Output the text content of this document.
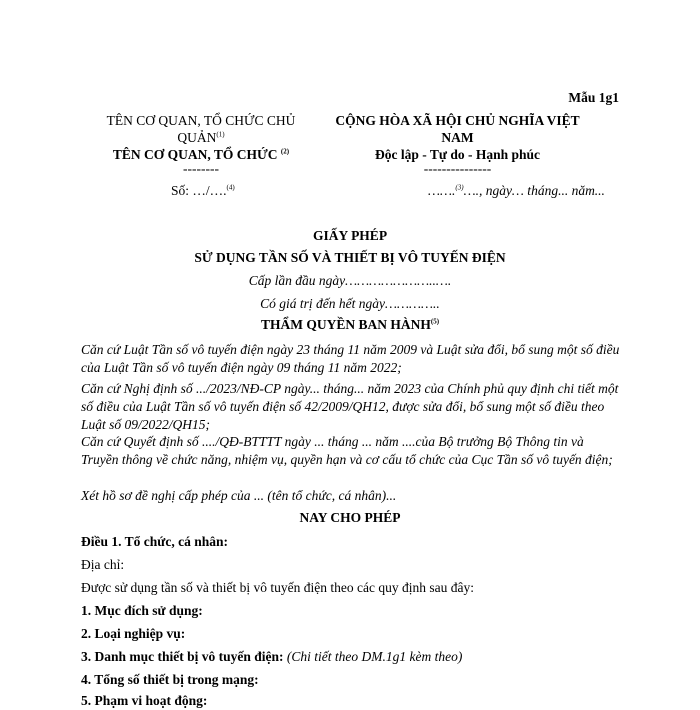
Mẫu 1g1
TÊN CƠ QUAN, TỔ CHỨC CHỦ QUẢN$^{(1)}$
TÊN CƠ QUAN, TỔ CHỨC $^{(2)}$
--------
Số: …/….$^{(4)}$
CỘNG HÒA XÃ HỘI CHỦ NGHĨA VIỆT NAM
Độc lập - Tự do - Hạnh phúc
---------------
…….$^{(3)}$…., ngày… tháng... năm...
GIẤY PHÉP
SỬ DỤNG TẦN SỐ VÀ THIẾT BỊ VÔ TUYẾN ĐIỆN
Cấp lần đầu ngày…………………..….
Có giá trị đến hết ngày…………..
THẨM QUYỀN BAN HÀNH$^{(5)}$
Căn cứ Luật Tần số vô tuyến điện ngày 23 tháng 11 năm 2009 và Luật sửa đổi, bổ sung một số điều của Luật Tần số vô tuyến điện ngày 09 tháng 11 năm 2022;
Căn cứ Nghị định số .../2023/NĐ-CP ngày... tháng... năm 2023 của Chính phủ quy định chi tiết một số điều của Luật Tần số vô tuyến điện số 42/2009/QH12, được sửa đổi, bổ sung một số điều theo Luật số 09/2022/QH15;
Căn cứ Quyết định số ..../QĐ-BTTTT ngày ... tháng ... năm ....của Bộ trưởng Bộ Thông tin và Truyền thông về chức năng, nhiệm vụ, quyền hạn và cơ cấu tổ chức của Cục Tần số vô tuyến điện;
Xét hồ sơ đề nghị cấp phép của ... (tên tổ chức, cá nhân)...
NAY CHO PHÉP
Điều 1. Tổ chức, cá nhân:
Địa chỉ:
Được sử dụng tần số và thiết bị vô tuyến điện theo các quy định sau đây:
1. Mục đích sử dụng:
2. Loại nghiệp vụ:
3. Danh mục thiết bị vô tuyến điện: (Chi tiết theo DM.1g1 kèm theo)
4. Tổng số thiết bị trong mạng:
5. Phạm vi hoạt động:
